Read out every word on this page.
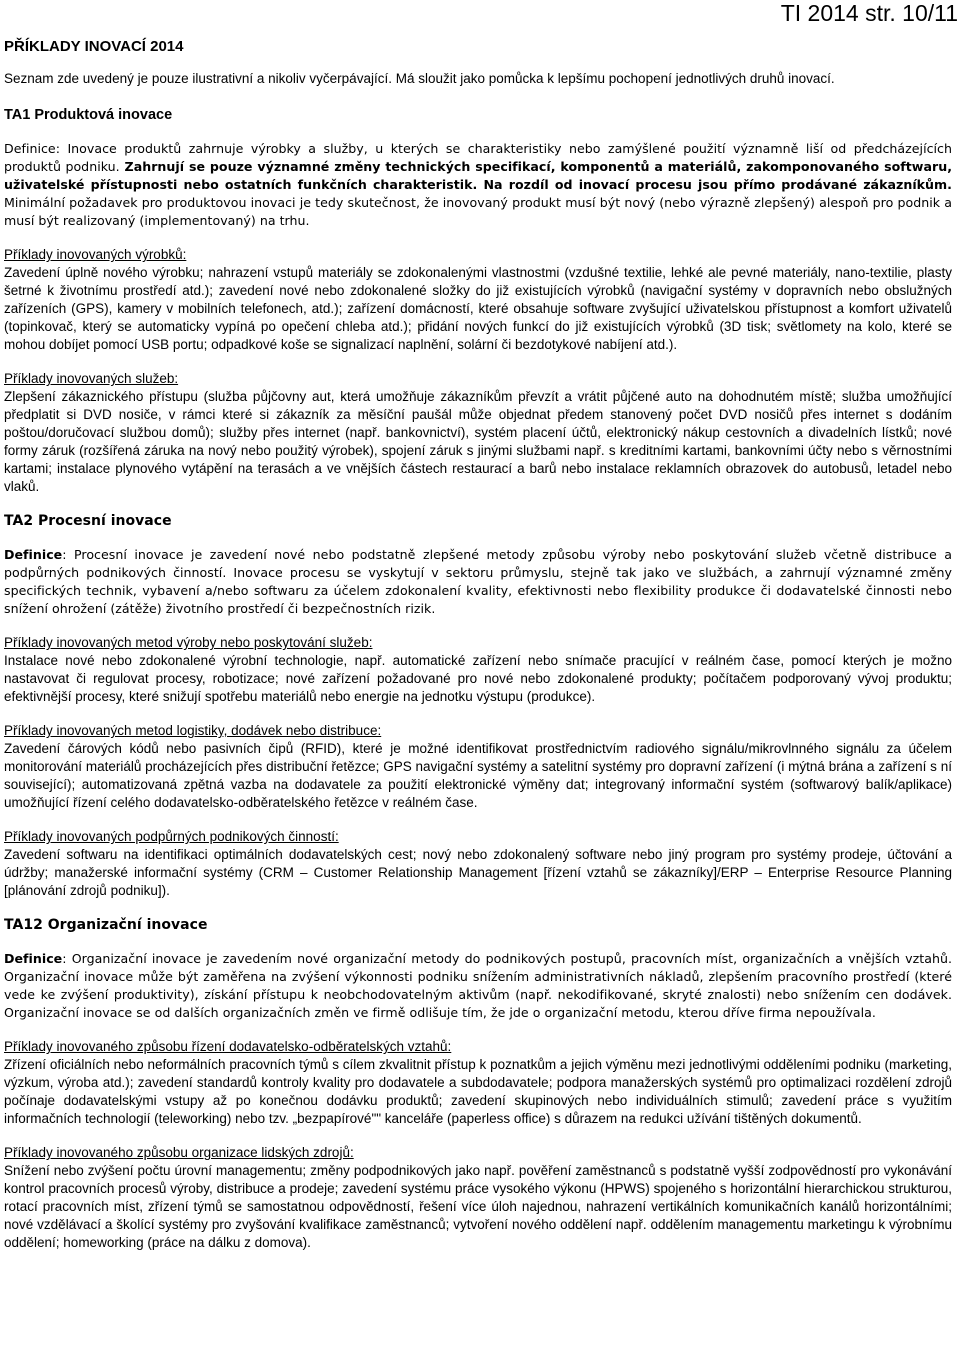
PŘÍKLADY INOVACÍ 2014
TI 2014 str. 10/11

Seznam zde uvedený je pouze ilustrativní a nikoliv vyčerpávající. Má sloužit jako pomůcka k lepšímu pochopení jednotlivých druhů inovací.

TA1 Produktová inovace

Definice: Inovace produktů zahrnuje výrobky a služby, u kterých se charakteristiky nebo zamýšlené použití významně liší od předcházejících produktů podniku. Zahrnují se pouze významné změny technických specifikací, komponentů a materiálů, zakomponovaného softwaru, uživatelské přístupnosti nebo ostatních funkčních charakteristik. Na rozdíl od inovací procesu jsou přímo prodávané zákazníkům. Minimální požadavek pro produktovou inovaci je tedy skutečnost, že inovovaný produkt musí být nový (nebo výrazně zlepšený) alespoň pro podnik a musí být realizovaný (implementovaný) na trhu.

Příklady inovovaných výrobků:
Zavedení úplně nového výrobku; nahrazení vstupů materiály se zdokonalenými vlastnostmi (vzdušné textilie, lehké ale pevné materiály, nano-textilie, plasty šetrné k životnímu prostředí atd.); zavedení nové nebo zdokonalené složky do již existujících výrobků (navigační systémy v dopravních nebo obslužných zařízeních (GPS), kamery v mobilních telefonech, atd.); zařízení domácností, které obsahuje software zvyšující uživatelskou přístupnost a komfort uživatelů (topinkovač, který se automaticky vypíná po opečení chleba atd.); přidání nových funkcí do již existujících výrobků (3D tisk; světlomety na kolo, které se mohou dobíjet pomocí USB portu; odpadkové koše se signalizací naplnění, solární či bezdotykové nabíjení atd.).

Příklady inovovaných služeb:
Zlepšení zákaznického přístupu (služba půjčovny aut, která umožňuje zákazníkům převzít a vrátit půjčené auto na dohodnutém místě; služba umožňující předplatit si DVD nosiče, v rámci které si zákazník za měsíční paušál může objednat předem stanovený počet DVD nosičů přes internet s dodáním poštou/doručovací službou domů); služby přes internet (např. bankovnictví), systém placení účtů, elektronický nákup cestovních a divadelních lístků; nové formy záruk (rozšířená záruka na nový nebo použitý výrobek), spojení záruk s jinými službami např. s kreditními kartami, bankovními účty nebo s věrnostními kartami; instalace plynového vytápění na terasách a ve vnějších částech restaurací a barů nebo instalace reklamních obrazovek do autobusů, letadel nebo vlaků.

TA2 Procesní inovace

Definice: Procesní inovace je zavedení nové nebo podstatně zlepšené metody způsobu výroby nebo poskytování služeb včetně distribuce a podpůrných podnikových činností. Inovace procesu se vyskytují v sektoru průmyslu, stejně tak jako ve službách, a zahrnují významné změny specifických technik, vybavení a/nebo softwaru za účelem zdokonalení kvality, efektivnosti nebo flexibility produkce či dodavatelské činnosti nebo snížení ohrožení (zátěže) životního prostředí či bezpečnostních rizik.

Příklady inovovaných metod výroby nebo poskytování služeb:
Instalace nové nebo zdokonalené výrobní technologie, např. automatické zařízení nebo snímače pracující v reálném čase, pomocí kterých je možno nastavovat či regulovat procesy, robotizace; nové zařízení požadované pro nové nebo zdokonalené produkty; počítačem podporovaný vývoj produktu; efektivnější procesy, které snižují spotřebu materiálů nebo energie na jednotku výstupu (produkce).

Příklady inovovaných metod logistiky, dodávek nebo distribuce:
Zavedení čárových kódů nebo pasivních čipů (RFID), které je možné identifikovat prostřednictvím radiového signálu/mikrovlnného signálu za účelem monitorování materiálů procházejících přes distribuční řetězce; GPS navigační systémy a satelitní systémy pro dopravní zařízení (i mýtná brána a zařízení s ní související); automatizovaná zpětná vazba na dodavatele za použití elektronické výměny dat; integrovaný informační systém (softwarový balík/aplikace) umožňující řízení celého dodavatelsko-odběratelského řetězce v reálném čase.

Příklady inovovaných podpůrných podnikových činností:
Zavedení softwaru na identifikaci optimálních dodavatelských cest; nový nebo zdokonalený software nebo jiný program pro systémy prodeje, účtování a údržby; manažerské informační systémy (CRM – Customer Relationship Management [řízení vztahů se zákazníky]/ERP – Enterprise Resource Planning [plánování zdrojů podniku]).

TA12 Organizační inovace

Definice: Organizační inovace je zavedením nové organizační metody do podnikových postupů, pracovních míst, organizačních a vnějších vztahů. Organizační inovace může být zaměřena na zvýšení výkonnosti podniku snížením administrativních nákladů, zlepšením pracovního prostředí (které vede ke zvýšení produktivity), získání přístupu k neobchodovatelným aktivům (např. nekodifikované, skryté znalosti) nebo snížením cen dodávek. Organizační inovace se od dalších organizačních změn ve firmě odlišuje tím, že jde o organizační metodu, kterou dříve firma nepoužívala.

Příklady inovovaného způsobu řízení dodavatelsko-odběratelských vztahů:
Zřízení oficiálních nebo neformálních pracovních týmů s cílem zkvalitnit přístup k poznatkům a jejich výměnu mezi jednotlivými odděleními podniku (marketing, výzkum, výroba atd.); zavedení standardů kontroly kvality pro dodavatele a subdodavatele; podpora manažerských systémů pro optimalizaci rozdělení zdrojů počínaje dodavatelskými vstupy až po konečnou dodávku produktů; zavedení skupinových nebo individuálních stimulů; zavedení práce s využitím informačních technologií (teleworking) nebo tzv. „bezpapírové"" kanceláře (paperless office) s důrazem na redukci užívání tištěných dokumentů.

Příklady inovovaného způsobu organizace lidských zdrojů:
Snížení nebo zvýšení počtu úrovní managementu; změny podpodnikových jako např. pověření zaměstnanců s podstatně vyšší zodpovědností pro vykonávání kontrol pracovních procesů výroby, distribuce a prodeje; zavedení systému práce vysokého výkonu (HPWS) spojeného s horizontální hierarchickou strukturou, rotací pracovních míst, zřízení týmů se samostatnou odpovědností, řešení více úloh najednou, nahrazení vertikálních komunikačních kanálů horizontálními; nové vzdělávací a školící systémy pro zvyšování kvalifikace zaměstnanců; vytvoření nového oddělení např. oddělením managementu marketingu k výrobnímu oddělení; homeworking (práce na dálku z domova).
